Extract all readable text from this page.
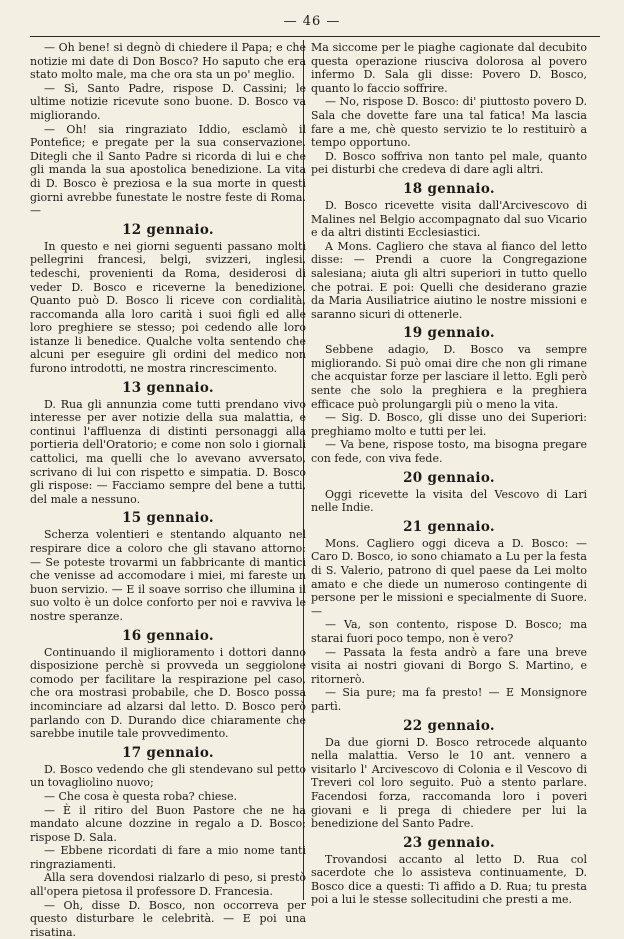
— 46 —

— Oh bene! si degnò di chiedere il Papa; e che notizie mi date di Don Bosco? Ho saputo che era stato molto male, ma che ora sta un po' meglio.

— Sì, Santo Padre, rispose D. Cassini; le ultime notizie ricevute sono buone. D. Bosco va migliorando.

— Oh! sia ringraziato Iddio, esclamò il Pontefice; e pregate per la sua conservazione. Ditegli che il Santo Padre si ricorda di lui e che gli manda la sua apostolica benedizione. La vita di D. Bosco è preziosa e la sua morte in questi giorni avrebbe funestate le nostre feste di Roma. —

12 gennaio.

In questo e nei giorni seguenti passano molti pellegrini francesi, belgi, svizzeri, inglesi, tedeschi, provenienti da Roma, desiderosi di veder D. Bosco e riceverne la benedizione. Quanto può D. Bosco li riceve con cordialità, raccomanda alla loro carità i suoi figli ed alle loro preghiere se stesso; poi cedendo alle loro istanze li benedice. Qualche volta sentendo che alcuni per eseguire gli ordini del medico non furono introdotti, ne mostra rincrescimento.

13 gennaio.

D. Rua gli annunzia come tutti prendano vivo interesse per aver notizie della sua malattia, e continui l'affluenza di distinti personaggi alla portieria dell'Oratorio; e come non solo i giornali cattolici, ma quelli che lo avevano avversato, scrivano di lui con rispetto e simpatia. D. Bosco gli rispose: — Facciamo sempre del bene a tutti, del male a nessuno.

15 gennaio.

Scherza volentieri e stentando alquanto nel respirare dice a coloro che gli stavano attorno: — Se poteste trovarmi un fabbricante di mantici che venisse ad accomodare i miei, mi fareste un buon servizio. — E il soave sorriso che illumina il suo volto è un dolce conforto per noi e ravviva le nostre speranze.

16 gennaio.

Continuando il miglioramento i dottori danno disposizione perchè si provveda un seggiolone comodo per facilitare la respirazione pel caso, che ora mostrasi probabile, che D. Bosco possa incominciare ad alzarsi dal letto. D. Bosco però parlando con D. Durando dice chiaramente che sarebbe inutile tale provvedimento.

17 gennaio.

D. Bosco vedendo che gli stendevano sul petto un tovagliolino nuovo;

— Che cosa è questa roba? chiese.

— È il ritiro del Buon Pastore che ne ha mandato alcune dozzine in regalo a D. Bosco; rispose D. Sala.

— Ebbene ricordati di fare a mio nome tanti ringraziamenti.

Alla sera dovendosi rialzarlo di peso, si prestò all'opera pietosa il professore D. Francesia.

— Oh, disse D. Bosco, non occorreva per questo disturbare le celebrità. — E poi una risatina.

Ma siccome per le piaghe cagionate dal decubito questa operazione riusciva dolorosa al povero infermo D. Sala gli disse: Povero D. Bosco, quanto lo faccio soffrire.

— No, rispose D. Bosco: di' piuttosto povero D. Sala che dovette fare una tal fatica! Ma lascia fare a me, chè questo servizio te lo restituirò a tempo opportuno.

D. Bosco soffriva non tanto pel male, quanto pei disturbi che credeva di dare agli altri.

18 gennaio.

D. Bosco ricevette visita dall'Arcivescovo di Malines nel Belgio accompagnato dal suo Vicario e da altri distinti Ecclesiastici.

A Mons. Cagliero che stava al fianco del letto disse: — Prendi a cuore la Congregazione salesiana; aiuta gli altri superiori in tutto quello che potrai. E poi: Quelli che desiderano grazie da Maria Ausiliatrice aiutino le nostre missioni e saranno sicuri di ottenerle.

19 gennaio.

Sebbene adagio, D. Bosco va sempre migliorando. Si può omai dire che non gli rimane che acquistar forze per lasciare il letto. Egli però sente che solo la preghiera e la preghiera efficace può prolungargli più o meno la vita.

— Sig. D. Bosco, gli disse uno dei Superiori: preghiamo molto e tutti per lei.

— Va bene, rispose tosto, ma bisogna pregare con fede, con viva fede.

20 gennaio.

Oggi ricevette la visita del Vescovo di Lari nelle Indie.

21 gennaio.

Mons. Cagliero oggi diceva a D. Bosco: — Caro D. Bosco, io sono chiamato a Lu per la festa di S. Valerio, patrono di quel paese da Lei molto amato e che diede un numeroso contingente di persone per le missioni e specialmente di Suore. —

— Va, son contento, rispose D. Bosco; ma starai fuori poco tempo, non è vero?

— Passata la festa andrò a fare una breve visita ai nostri giovani di Borgo S. Martino, e ritornerò.

— Sia pure; ma fa presto! — E Monsignore partì.

22 gennaio.

Da due giorni D. Bosco retrocede alquanto nella malattia. Verso le 10 ant. vennero a visitarlo l' Arcivescovo di Colonia e il Vescovo di Treveri col loro seguito. Può a stento parlare. Facendosi forza, raccomanda loro i poveri giovani e li prega di chiedere per lui la benedizione del Santo Padre.

23 gennaio.

Trovandosi accanto al letto D. Rua col sacerdote che lo assisteva continuamente, D. Bosco dice a questi: Ti affido a D. Rua; tu presta poi a lui le stesse sollecitudini che presti a me.
